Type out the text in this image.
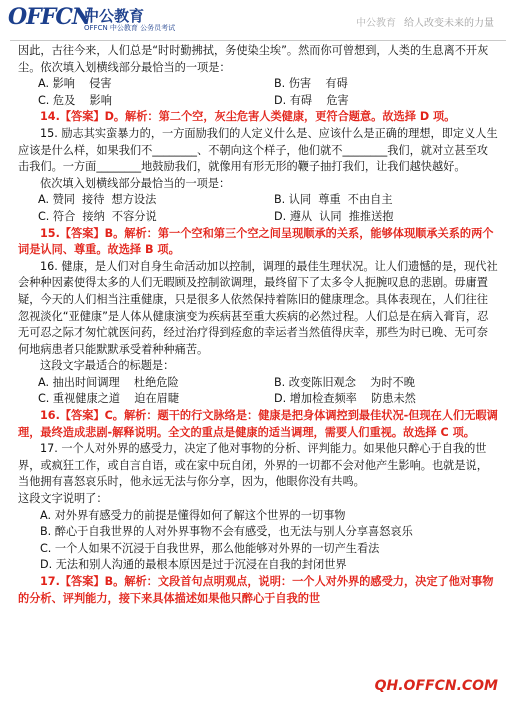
OFFCN
中公教育
OFFCN 中公教育 公务员考试	中公教育 给人改变未来的力量

因此，古往今来，人们总是“时时勤拂拭，务使染尘埃”。然而你可曾想到，人类的生息离不开灰尘。依次填入划横线部分最恰当的一项是：

A. 影响    侵害	B. 伤害    有碍
C. 危及    影响	D. 有碍    危害

14.【答案】D。解析：第二个空，灰尘危害人类健康，更符合题意。故选择 D 项。

15. 励志其实蛮暴力的，一方面励我们的人定义什么是、应该什么是正确的理想，即定义人生应该是什么样，如果我们不________、不朝向这个样子，他们就不________我们，就对立甚至攻击我们。一方面________地鼓励我们，就像用有形无形的鞭子抽打我们，让我们越快越好。

依次填入划横线部分最恰当的一项是：

A. 赞同  接待  想方设法	B. 认同  尊重  不由自主
C. 符合  接纳  不容分说	D. 遵从  认同  推推送抱

15.【答案】B。解析：第一个空和第三个空之间呈现顺承的关系，能够体现顺承关系的两个词是认同、尊重。故选择 B 项。

16. 健康，是人们对自身生命活动加以控制，调理的最佳生理状况。让人们遗憾的是，现代社会种种因素使得太多的人们无暇顾及控制欲调理，最终留下了太多令人扼腕叹息的悲剧。毋庸置疑，今天的人们相当注重健康，只是很多人依然保持着陈旧的健康理念。具体表现在，人们往往忽视淡化“亚健康”是人体从健康演变为疾病甚至重大疾病的必然过程。人们总是在病入膏肓，忍无可忍之际才匆忙就医问药，经过治疗得到痊愈的幸运者当然值得庆幸，那些为时已晚、无可奈何地病患者只能默默承受着种种痛苦。

这段文字最适合的标题是：

A. 抽出时间调理    杜绝危险	B. 改变陈旧观念    为时不晚
C. 重视健康之道    迫在眉睫	D. 增加检查频率    防患未然

16.【答案】C。解析：题干的行文脉络是：健康是把身体调控到最佳状况-但现在人们无暇调理，最终造成悲剧-解释说明。全文的重点是健康的适当调理，需要人们重视。故选择 C 项。

17. 一个人对外界的感受力，决定了他对事物的分析、评判能力。如果他只醉心于自我的世界，或疯狂工作，或自言自语，或在家中玩自闭，外界的一切都不会对他产生影响。也就是说，当他拥有喜怒哀乐时，他永远无法与你分享，因为，他眼你没有共鸣。

这段文字说明了：

A. 对外界有感受力的前提是懂得如何了解这个世界的一切事物

B. 醉心于自我世界的人对外界事物不会有感受，也无法与别人分享喜怒哀乐

C. 一个人如果不沉浸于自我世界，那么他能够对外界的一切产生看法

D. 无法和别人沟通的最根本原因是过于沉浸在自我的封闭世界

17.【答案】B。解析：文段首句点明观点，说明：一个人对外界的感受力，决定了他对事物的分析、评判能力，接下来具体描述如果他只醉心于自我的世

QH.OFFCN.COM
